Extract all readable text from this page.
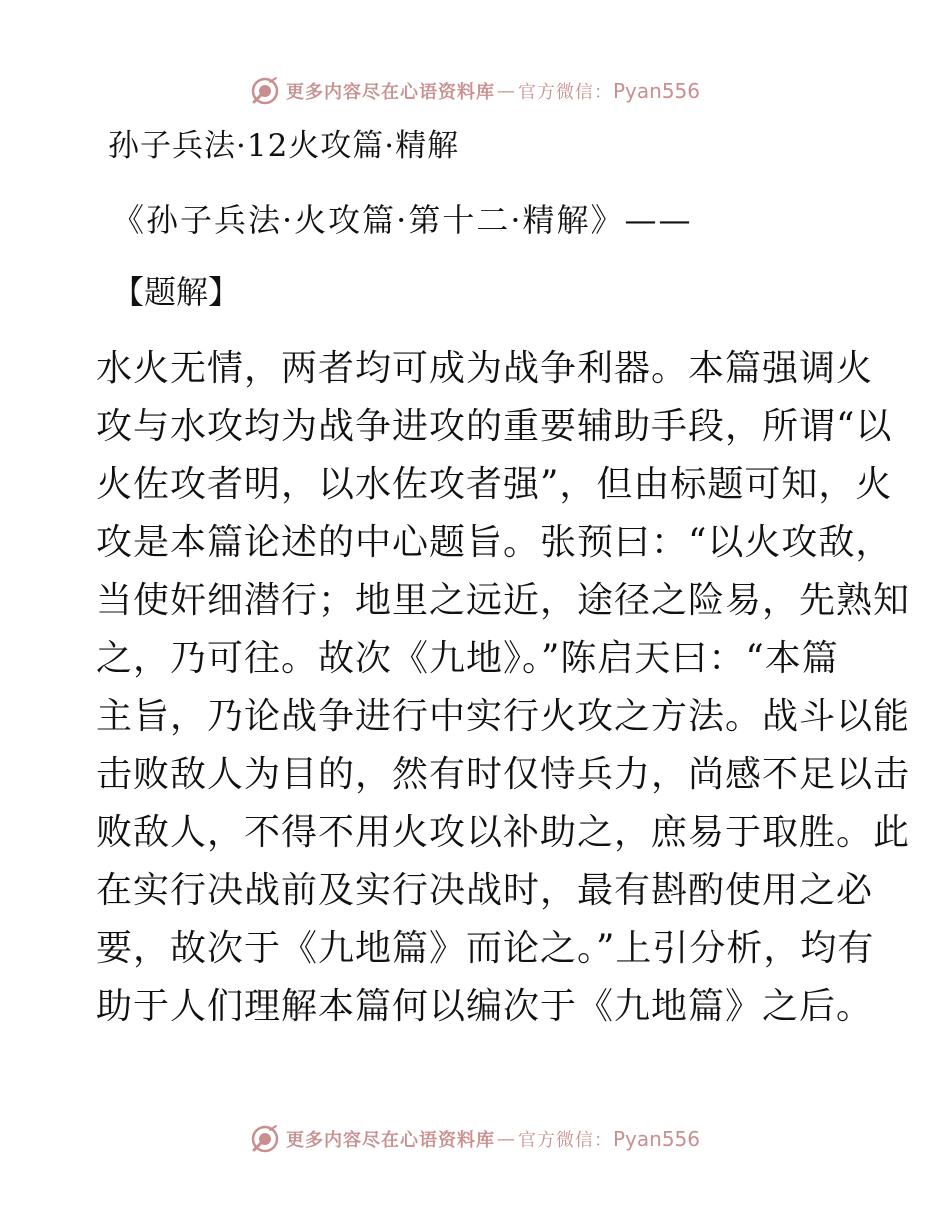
更多内容尽在心语资料库 — 官方微信： Pyan556
孙子兵法·12火攻篇·精解
《孙子兵法·火攻篇·第十二·精解》——
【题解】
水火无情，两者均可成为战争利器。本篇强调火
攻与水攻均为战争进攻的重要辅助手段，所谓“以
火佐攻者明，以水佐攻者强”，但由标题可知，火
攻是本篇论述的中心题旨。张预曰：“以火攻敌，
当使奸细潜行；地里之远近，途径之险易，先熟知
之，乃可往。故次《九地》。”陈启天曰：“本篇
主旨，乃论战争进行中实行火攻之方法。战斗以能
击败敌人为目的，然有时仅恃兵力，尚感不足以击
败敌人，不得不用火攻以补助之，庶易于取胜。此
在实行决战前及实行决战时，最有斟酌使用之必
要，故次于《九地篇》而论之。”上引分析，均有
助于人们理解本篇何以编次于《九地篇》之后。
更多内容尽在心语资料库 — 官方微信： Pyan556
